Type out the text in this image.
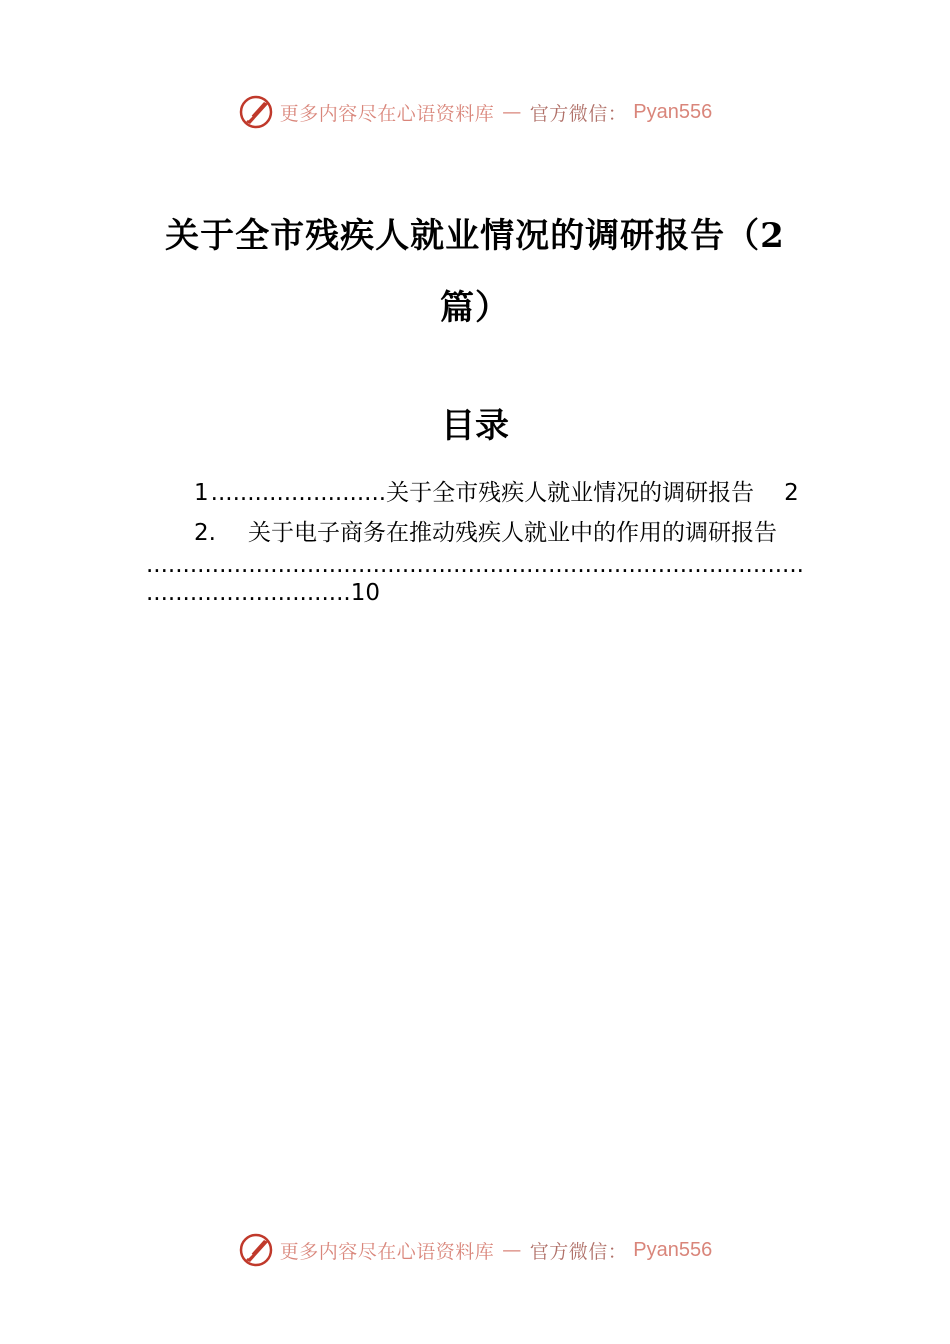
更多内容尽在心语资料库 — 官方微信： Pyan556
关于全市残疾人就业情况的调研报告（2
篇）
目录
1........................关于全市残疾人就业情况的调研报告 2
2. 关于电子商务在推动残疾人就业中的作用的调研报告
..........................................................................................
............................10
更多内容尽在心语资料库 — 官方微信： Pyan556
